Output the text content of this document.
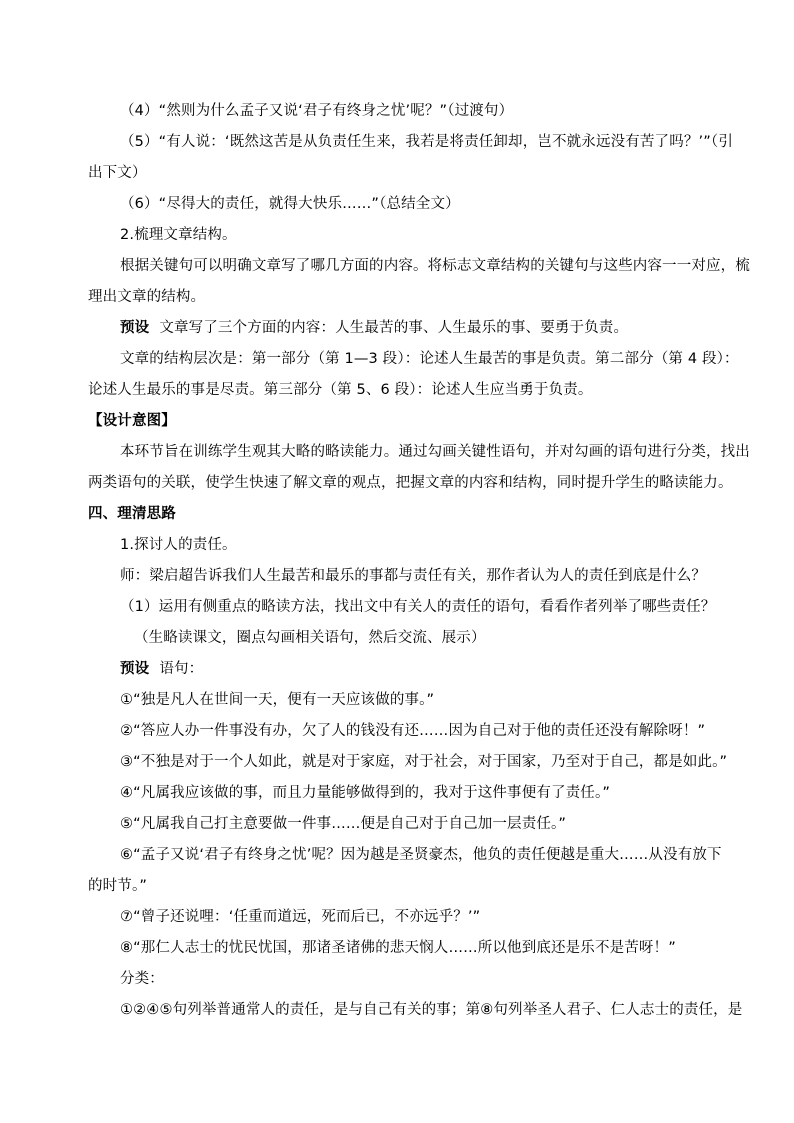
（4）“然则为什么孟子又说‘君子有终身之忧’呢？”（过渡句）
（5）“有人说：‘既然这苦是从负责任生来，我若是将责任卸却，岂不就永远没有苦了吗？’”（引
出下文）
（6）“尽得大的责任，就得大快乐……”（总结全文）
2.梳理文章结构。
根据关键句可以明确文章写了哪几方面的内容。将标志文章结构的关键句与这些内容一一对应，梳
理出文章的结构。
预设 文章写了三个方面的内容：人生最苦的事、人生最乐的事、要勇于负责。
文章的结构层次是：第一部分（第 1—3 段）：论述人生最苦的事是负责。第二部分（第 4 段）：
论述人生最乐的事是尽责。第三部分（第 5、6 段）：论述人生应当勇于负责。
【设计意图】
本环节旨在训练学生观其大略的略读能力。通过勾画关键性语句，并对勾画的语句进行分类，找出
两类语句的关联，使学生快速了解文章的观点，把握文章的内容和结构，同时提升学生的略读能力。
四、理清思路
1.探讨人的责任。
师：梁启超告诉我们人生最苦和最乐的事都与责任有关，那作者认为人的责任到底是什么？
（1）运用有侧重点的略读方法，找出文中有关人的责任的语句，看看作者列举了哪些责任？
（生略读课文，圈点勾画相关语句，然后交流、展示）
预设 语句：
①“独是凡人在世间一天，便有一天应该做的事。”
②“答应人办一件事没有办，欠了人的钱没有还……因为自己对于他的责任还没有解除呀！”
③“不独是对于一个人如此，就是对于家庭，对于社会，对于国家，乃至对于自己，都是如此。”
④“凡属我应该做的事，而且力量能够做得到的，我对于这件事便有了责任。”
⑤“凡属我自己打主意要做一件事……便是自己对于自己加一层责任。”
⑥“孟子又说‘君子有终身之忧’呢？因为越是圣贤豪杰，他负的责任便越是重大……从没有放下
的时节。”
⑦“曾子还说哩：‘任重而道远，死而后已，不亦远乎？’”
⑧“那仁人志士的忧民忧国，那诸圣诸佛的悲天悯人……所以他到底还是乐不是苦呀！”
分类：
①②④⑤句列举普通常人的责任，是与自己有关的事；第⑧句列举圣人君子、仁人志士的责任，是
